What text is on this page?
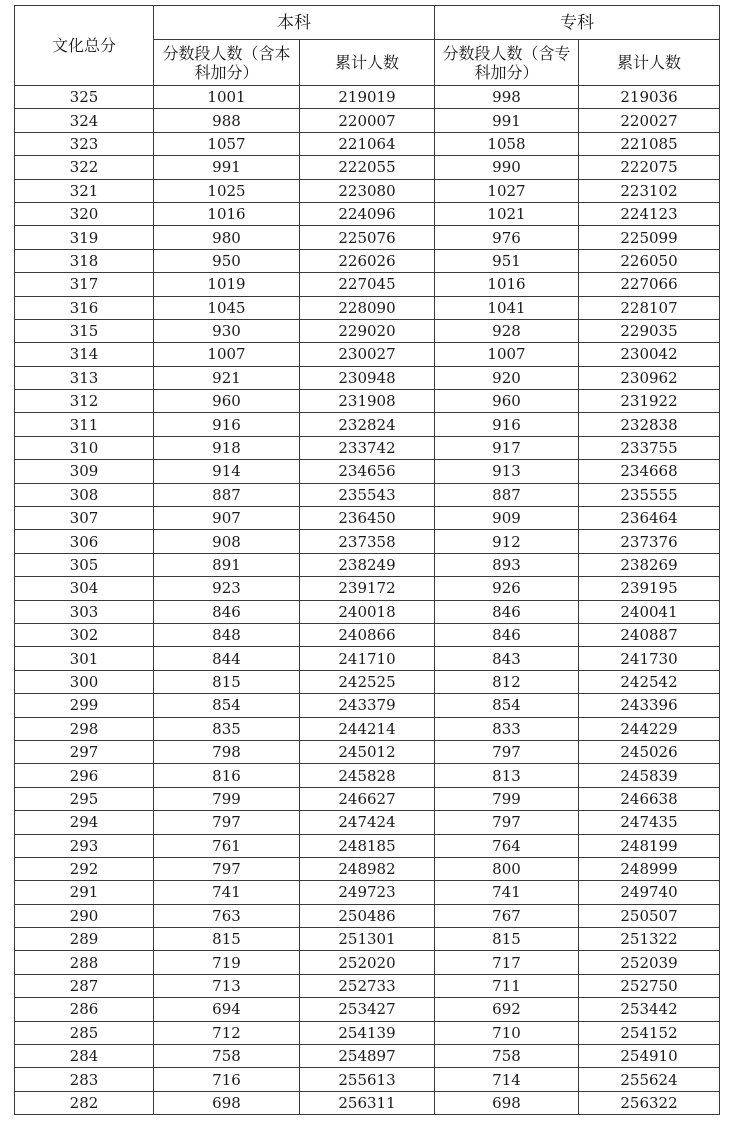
文化总分	本科		专科	
	分数段人数（含本科加分）	累计人数	分数段人数（含专科加分）	累计人数
325	1001	219019	998	219036
324	988	220007	991	220027
323	1057	221064	1058	221085
322	991	222055	990	222075
321	1025	223080	1027	223102
320	1016	224096	1021	224123
319	980	225076	976	225099
318	950	226026	951	226050
317	1019	227045	1016	227066
316	1045	228090	1041	228107
315	930	229020	928	229035
314	1007	230027	1007	230042
313	921	230948	920	230962
312	960	231908	960	231922
311	916	232824	916	232838
310	918	233742	917	233755
309	914	234656	913	234668
308	887	235543	887	235555
307	907	236450	909	236464
306	908	237358	912	237376
305	891	238249	893	238269
304	923	239172	926	239195
303	846	240018	846	240041
302	848	240866	846	240887
301	844	241710	843	241730
300	815	242525	812	242542
299	854	243379	854	243396
298	835	244214	833	244229
297	798	245012	797	245026
296	816	245828	813	245839
295	799	246627	799	246638
294	797	247424	797	247435
293	761	248185	764	248199
292	797	248982	800	248999
291	741	249723	741	249740
290	763	250486	767	250507
289	815	251301	815	251322
288	719	252020	717	252039
287	713	252733	711	252750
286	694	253427	692	253442
285	712	254139	710	254152
284	758	254897	758	254910
283	716	255613	714	255624
282	698	256311	698	256322
